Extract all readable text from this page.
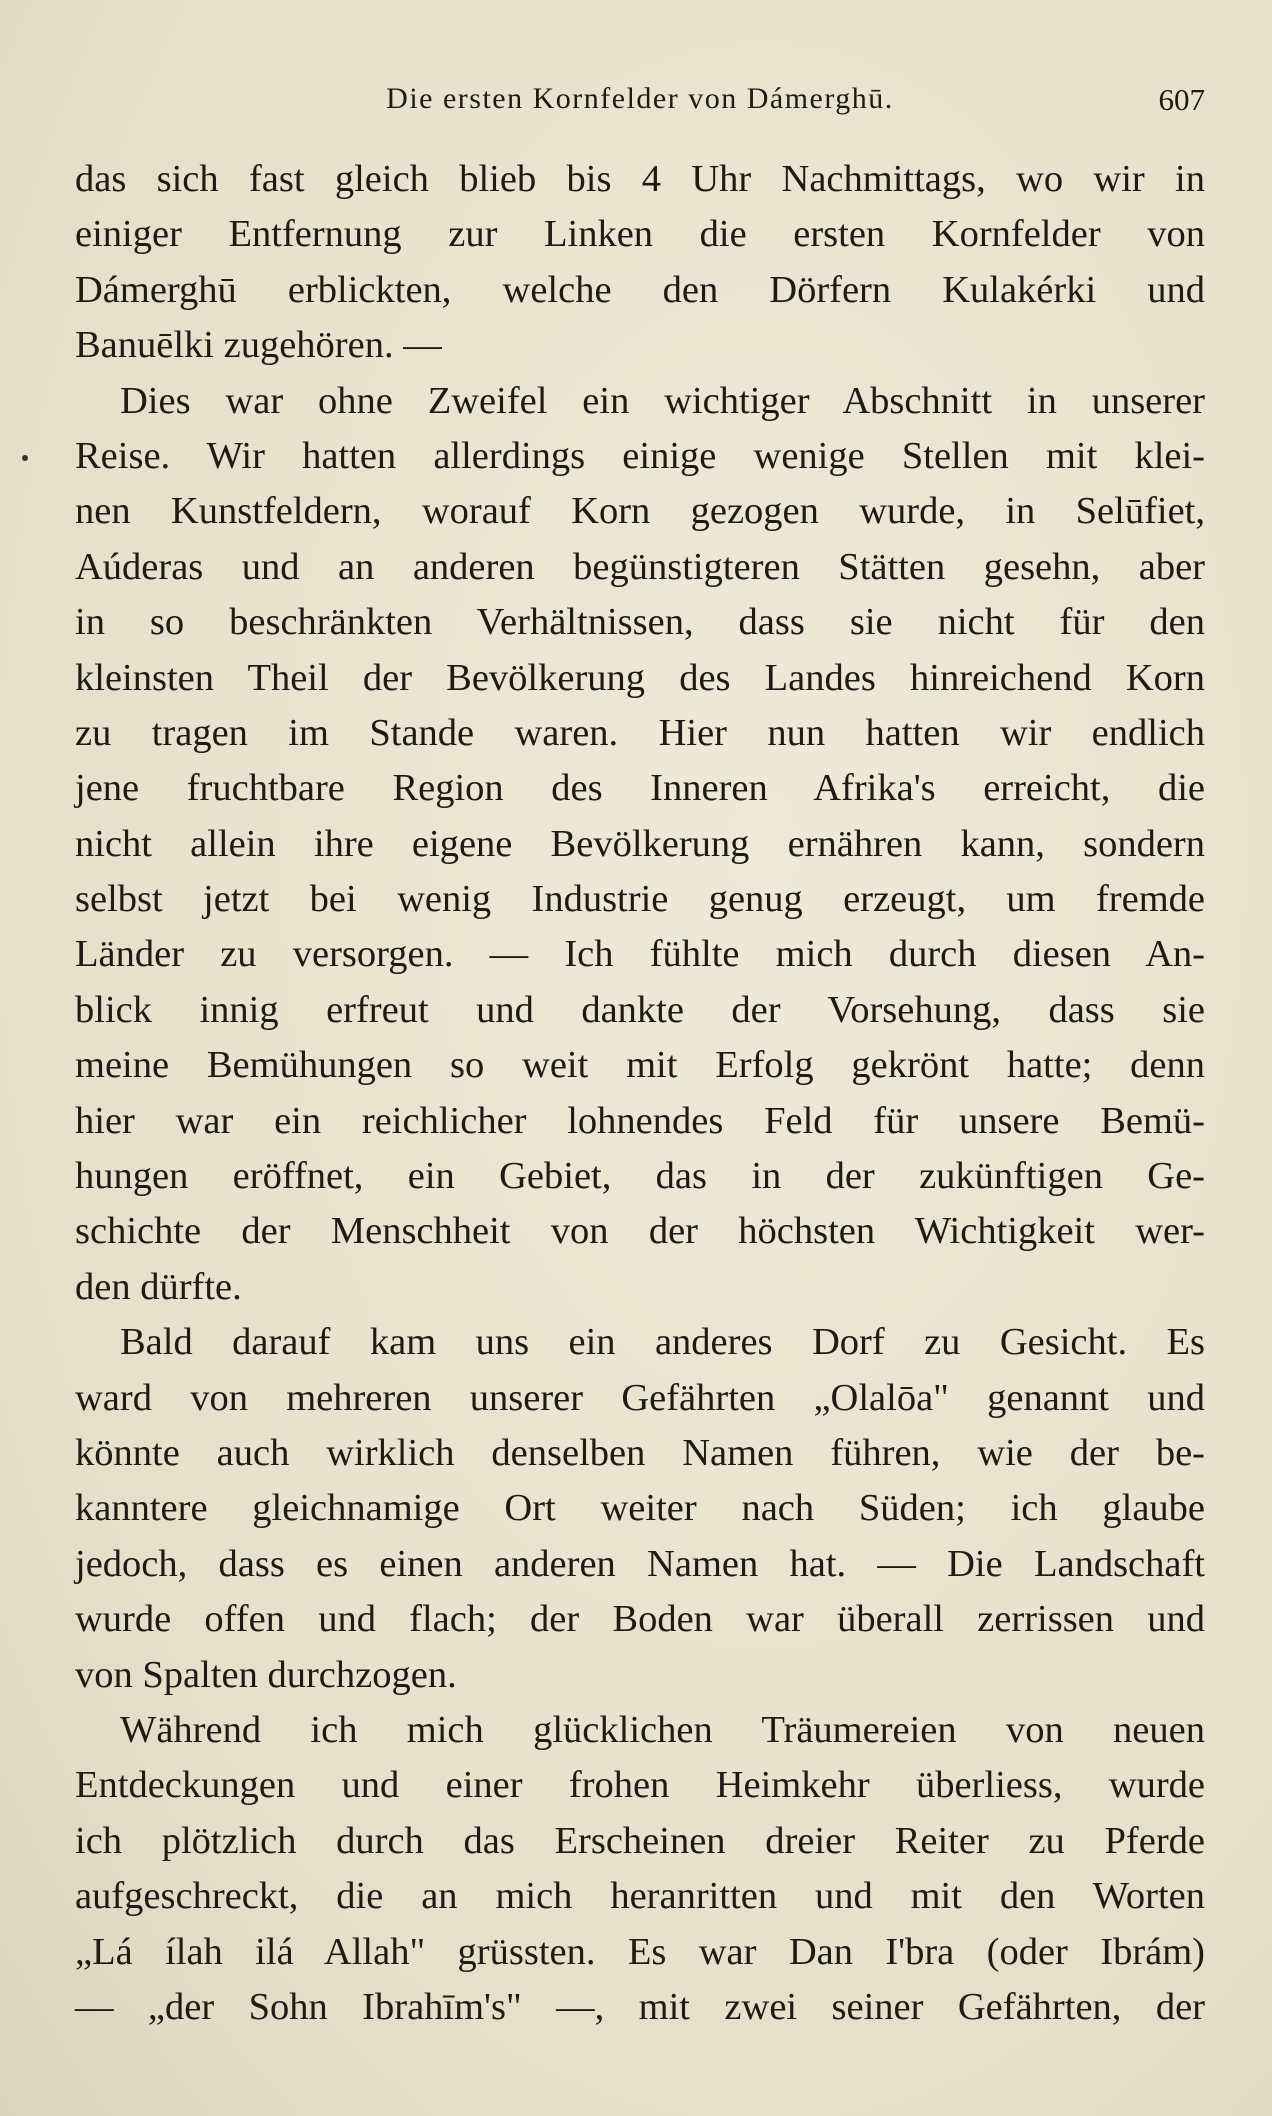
Die ersten Kornfelder von Dámerghū.	607
das sich fast gleich blieb bis 4 Uhr Nachmittags, wo wir in
einiger Entfernung zur Linken die ersten Kornfelder von
Dámerghū erblickten, welche den Dörfern Kulakérki und
Banuēlki zugehören. —
Dies war ohne Zweifel ein wichtiger Abschnitt in unserer
Reise. Wir hatten allerdings einige wenige Stellen mit klei-
nen Kunstfeldern, worauf Korn gezogen wurde, in Selūfiet,
Aúderas und an anderen begünstigteren Stätten gesehn, aber
in so beschränkten Verhältnissen, dass sie nicht für den
kleinsten Theil der Bevölkerung des Landes hinreichend Korn
zu tragen im Stande waren. Hier nun hatten wir endlich
jene fruchtbare Region des Inneren Afrika's erreicht, die
nicht allein ihre eigene Bevölkerung ernähren kann, sondern
selbst jetzt bei wenig Industrie genug erzeugt, um fremde
Länder zu versorgen. — Ich fühlte mich durch diesen An-
blick innig erfreut und dankte der Vorsehung, dass sie
meine Bemühungen so weit mit Erfolg gekrönt hatte; denn
hier war ein reichlicher lohnendes Feld für unsere Bemü-
hungen eröffnet, ein Gebiet, das in der zukünftigen Ge-
schichte der Menschheit von der höchsten Wichtigkeit wer-
den dürfte.
Bald darauf kam uns ein anderes Dorf zu Gesicht. Es
ward von mehreren unserer Gefährten „Olalōa" genannt und
könnte auch wirklich denselben Namen führen, wie der be-
kanntere gleichnamige Ort weiter nach Süden; ich glaube
jedoch, dass es einen anderen Namen hat. — Die Landschaft
wurde offen und flach; der Boden war überall zerrissen und
von Spalten durchzogen.
Während ich mich glücklichen Träumereien von neuen
Entdeckungen und einer frohen Heimkehr überliess, wurde
ich plötzlich durch das Erscheinen dreier Reiter zu Pferde
aufgeschreckt, die an mich heranritten und mit den Worten
„Lá ílah ilá Allah" grüssten. Es war Dan I'bra (oder Ibrám)
— „der Sohn Ibrahīm's" —, mit zwei seiner Gefährten, der
